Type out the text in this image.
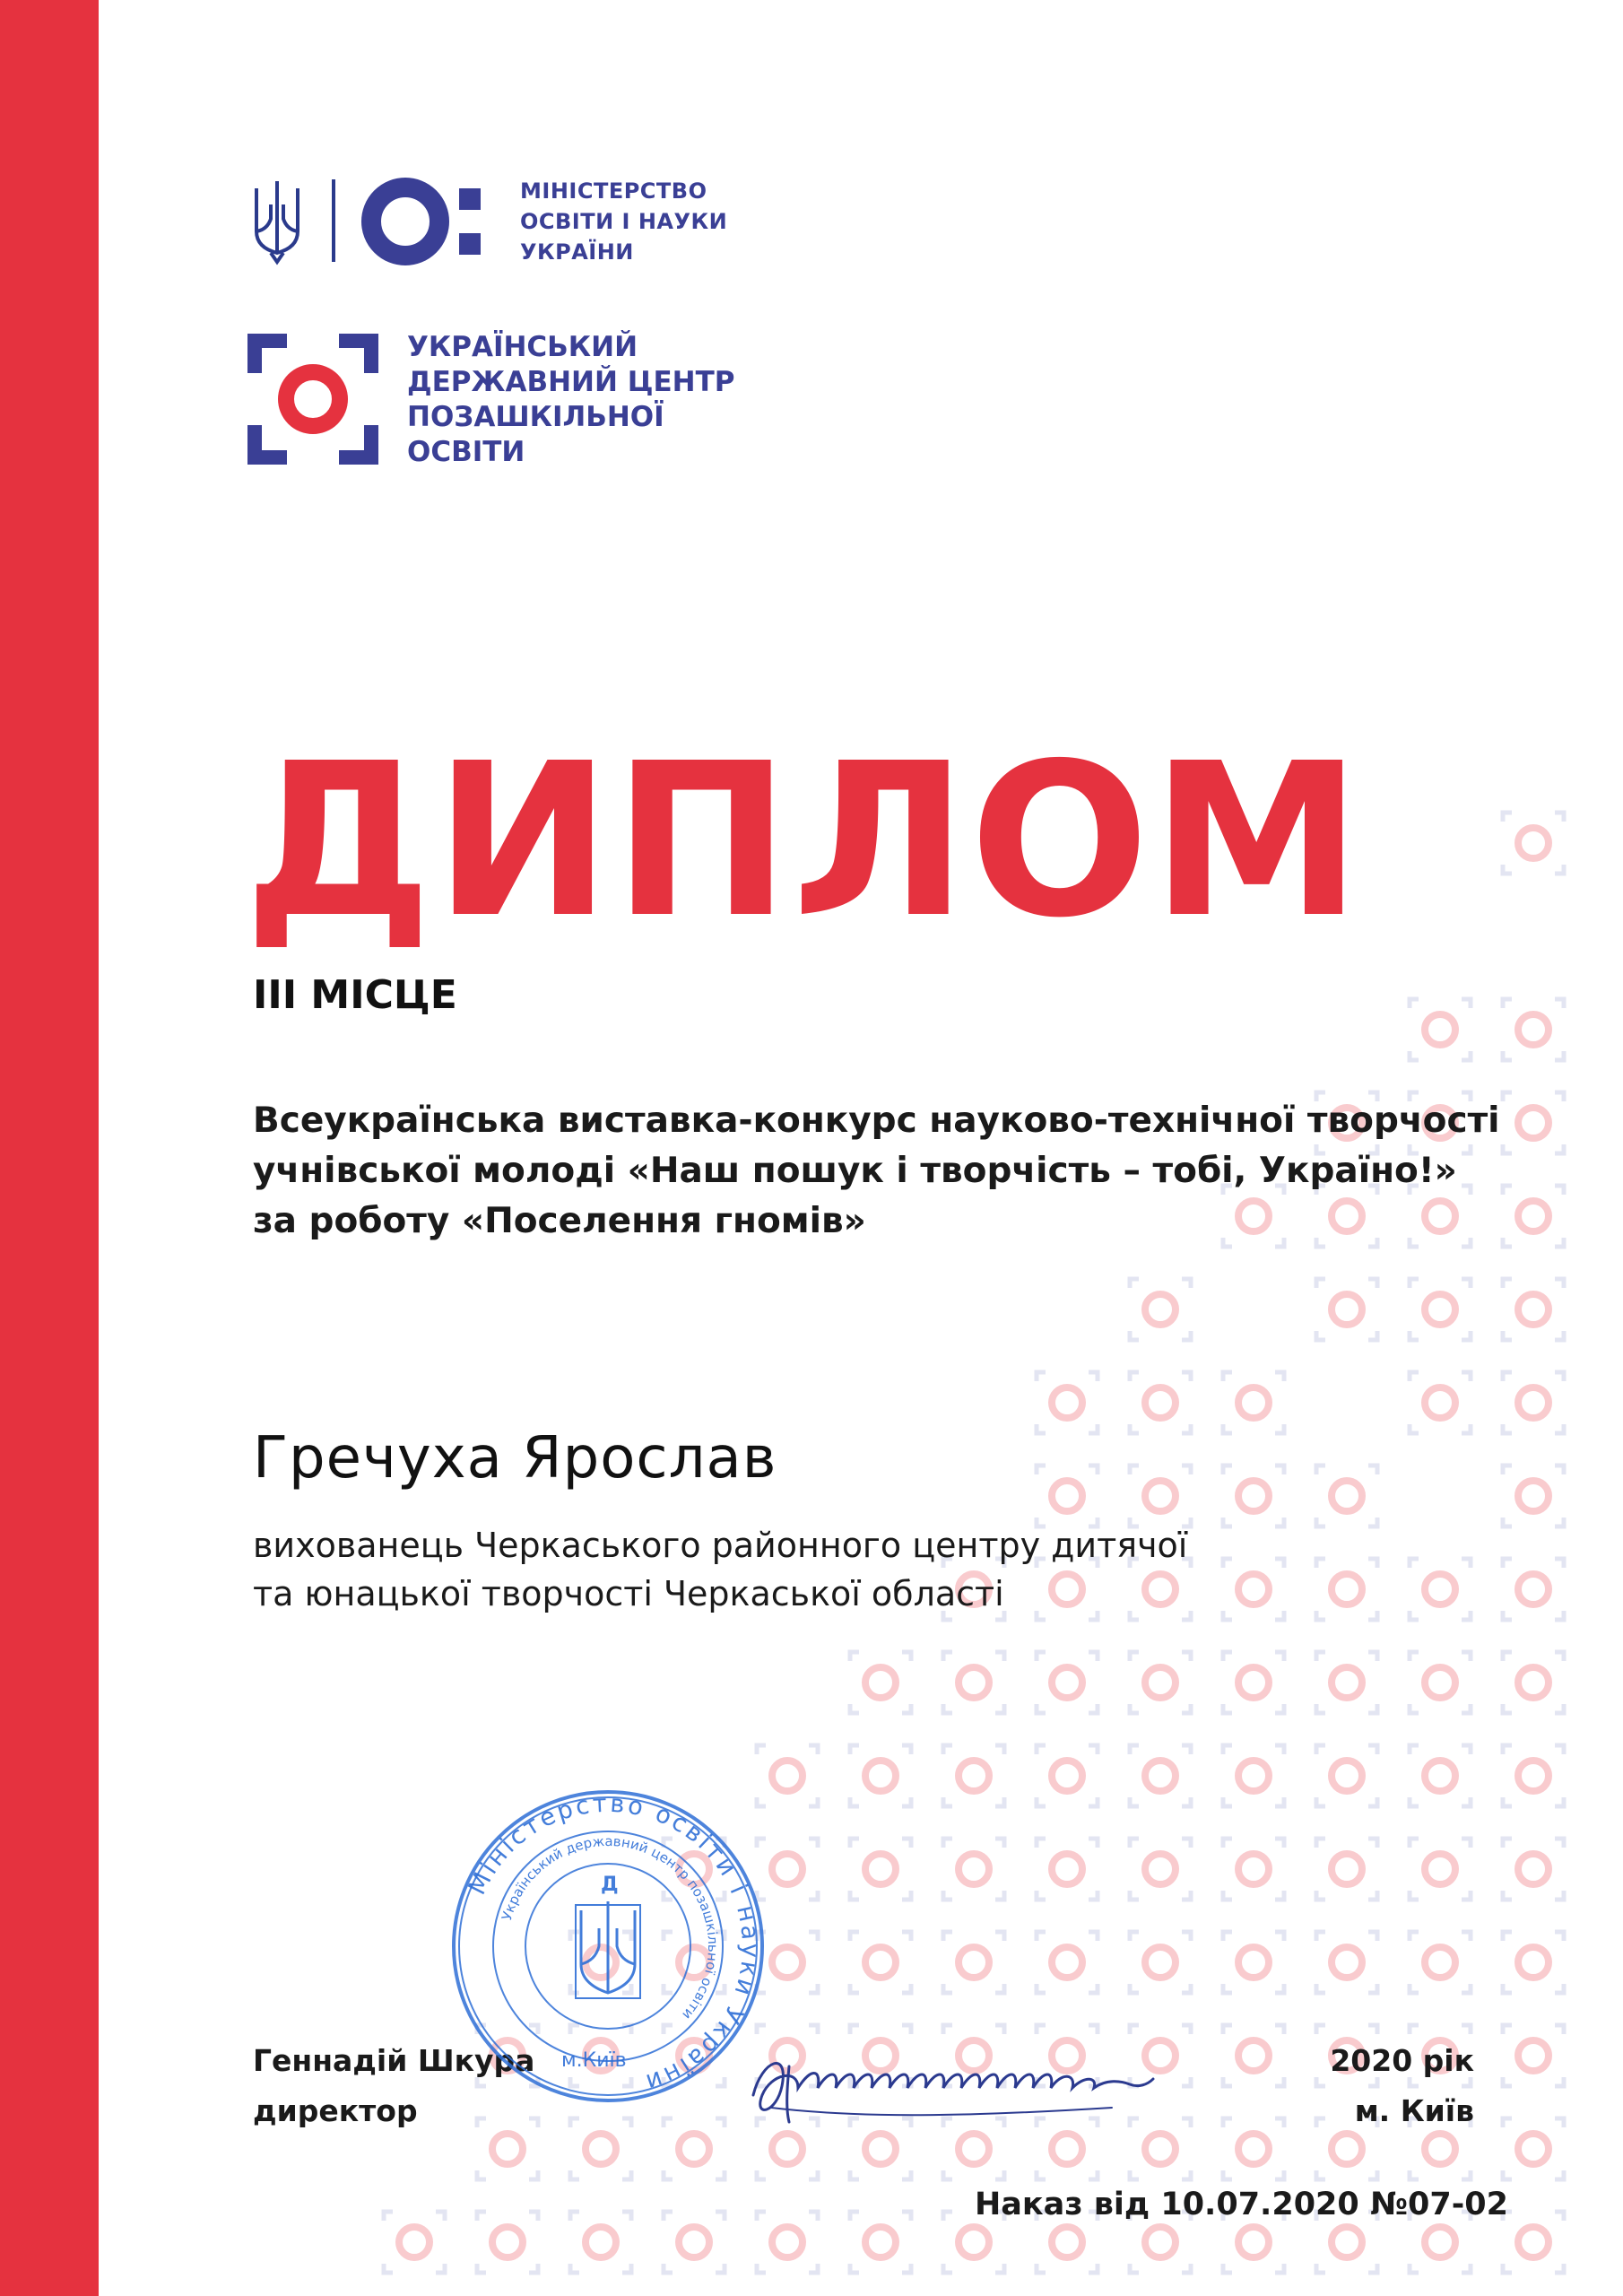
МІНІСТЕРСТВО
ОСВІТИ І НАУКИ
УКРАЇНИ
УКРАЇНСЬКИЙ
ДЕРЖАВНИЙ ЦЕНТР
ПОЗАШКІЛЬНОЇ
ОСВІТИ
ДИПЛОМ
ІІІ МІСЦЕ
Всеукраїнська виставка-конкурс науково-технічної творчості
учнівської молоді «Наш пошук і творчість – тобі, Україно!»
за роботу «Поселення гномів»
Гречуха Ярослав
вихованець Черкаського районного центру дитячої
та юнацької творчості Черкаської області
Геннадій Шкура
директор
2020 рік
м. Київ
Наказ від 10.07.2020 №07-02
Міністерство освіти і науки України
Український державний центр позашкільної освіти
м.Київ
Д
